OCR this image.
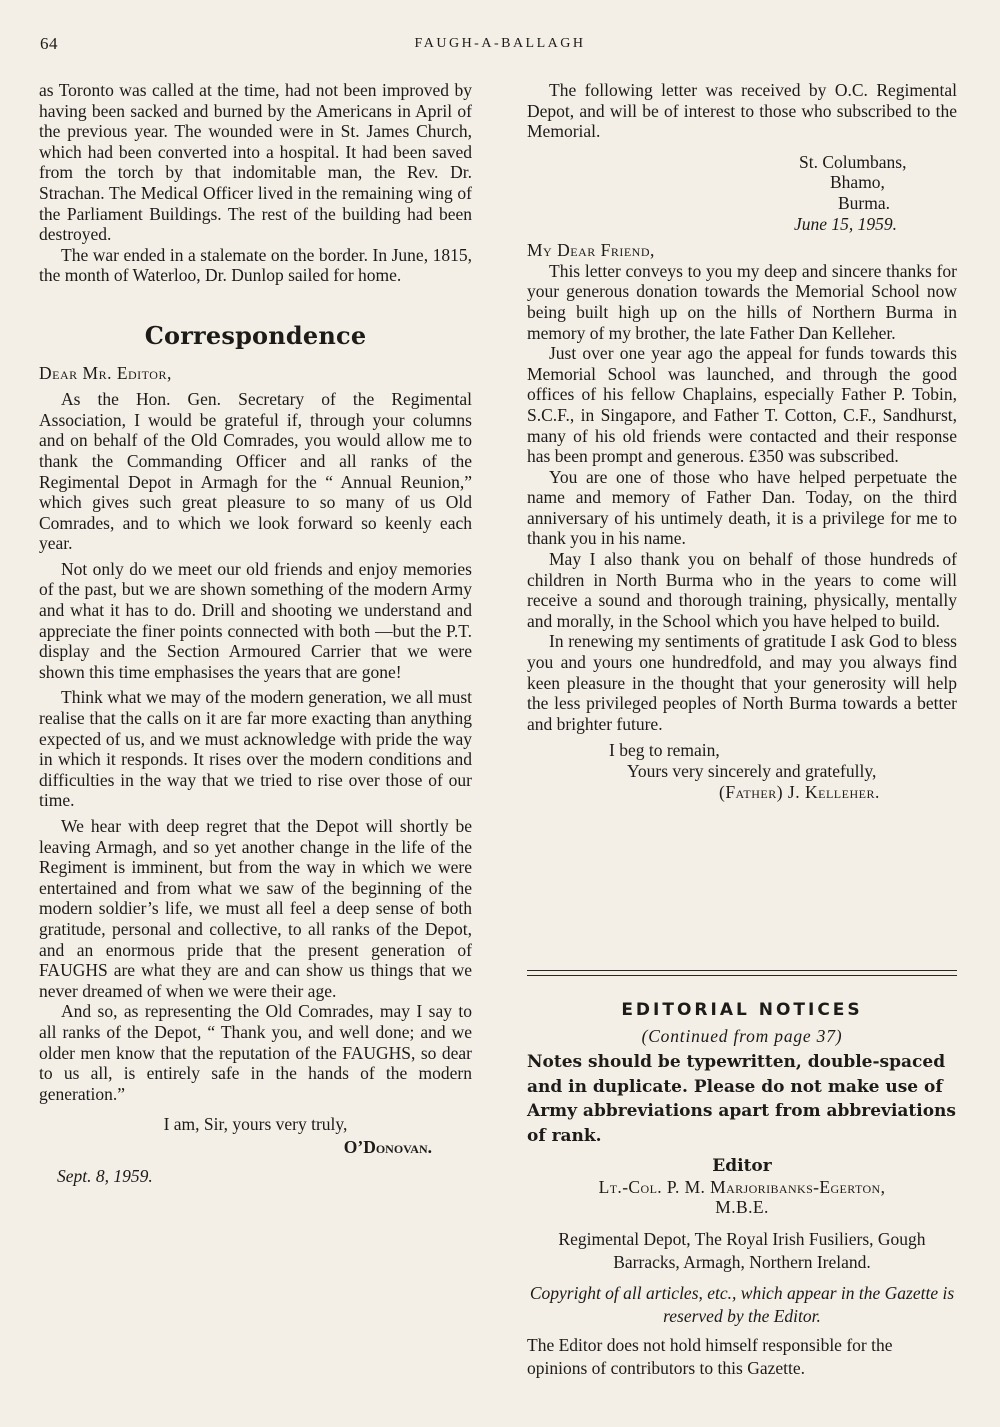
64	FAUGH-A-BALLAGH

as Toronto was called at the time, had not been improved by having been sacked and burned by the Americans in April of the previous year. The wounded were in St. James Church, which had been converted into a hospital. It had been saved from the torch by that indomitable man, the Rev. Dr. Strachan. The Medical Officer lived in the remaining wing of the Parliament Buildings. The rest of the building had been destroyed.

The war ended in a stalemate on the border. In June, 1815, the month of Waterloo, Dr. Dunlop sailed for home.

Correspondence

Dear Mr. Editor,

As the Hon. Gen. Secretary of the Regimental Association, I would be grateful if, through your columns and on behalf of the Old Comrades, you would allow me to thank the Commanding Officer and all ranks of the Regimental Depot in Armagh for the “ Annual Reunion,” which gives such great pleasure to so many of us Old Comrades, and to which we look forward so keenly each year.

Not only do we meet our old friends and enjoy memories of the past, but we are shown something of the modern Army and what it has to do. Drill and shooting we understand and appreciate the finer points connected with both —but the P.T. display and the Section Armoured Carrier that we were shown this time emphasises the years that are gone!

Think what we may of the modern generation, we all must realise that the calls on it are far more exacting than anything expected of us, and we must acknowledge with pride the way in which it responds. It rises over the modern conditions and difficulties in the way that we tried to rise over those of our time.

We hear with deep regret that the Depot will shortly be leaving Armagh, and so yet another change in the life of the Regiment is imminent, but from the way in which we were entertained and from what we saw of the beginning of the modern soldier’s life, we must all feel a deep sense of both gratitude, personal and collective, to all ranks of the Depot, and an enormous pride that the present generation of FAUGHS are what they are and can show us things that we never dreamed of when we were their age.

And so, as representing the Old Comrades, may I say to all ranks of the Depot, “ Thank you, and well done; and we older men know that the reputation of the FAUGHS, so dear to us all, is entirely safe in the hands of the modern generation.”

I am, Sir, yours very truly,

O’Donovan.

Sept. 8, 1959.

The following letter was received by O.C. Regimental Depot, and will be of interest to those who subscribed to the Memorial.

St. Columbans,

Bhamo,

Burma.

June 15, 1959.

My Dear Friend,

This letter conveys to you my deep and sincere thanks for your generous donation towards the Memorial School now being built high up on the hills of Northern Burma in memory of my brother, the late Father Dan Kelleher.

Just over one year ago the appeal for funds towards this Memorial School was launched, and through the good offices of his fellow Chaplains, especially Father P. Tobin, S.C.F., in Singapore, and Father T. Cotton, C.F., Sandhurst, many of his old friends were contacted and their response has been prompt and generous. £350 was subscribed.

You are one of those who have helped perpetuate the name and memory of Father Dan. Today, on the third anniversary of his untimely death, it is a privilege for me to thank you in his name.

May I also thank you on behalf of those hundreds of children in North Burma who in the years to come will receive a sound and thorough training, physically, mentally and morally, in the School which you have helped to build.

In renewing my sentiments of gratitude I ask God to bless you and yours one hundredfold, and may you always find keen pleasure in the thought that your generosity will help the less privileged peoples of North Burma towards a better and brighter future.

I beg to remain,

Yours very sincerely and gratefully,

(Father) J. Kelleher.

EDITORIAL NOTICES
(Continued from page 37)
Notes should be typewritten, double-spaced and in duplicate. Please do not make use of Army abbreviations apart from abbreviations of rank.
Editor
Lt.-Col. P. M. Marjoribanks-Egerton,
M.B.E.
Regimental Depot, The Royal Irish Fusiliers, Gough Barracks, Armagh, Northern Ireland.
Copyright of all articles, etc., which appear in the Gazette is reserved by the Editor.
The Editor does not hold himself responsible for the opinions of contributors to this Gazette.
